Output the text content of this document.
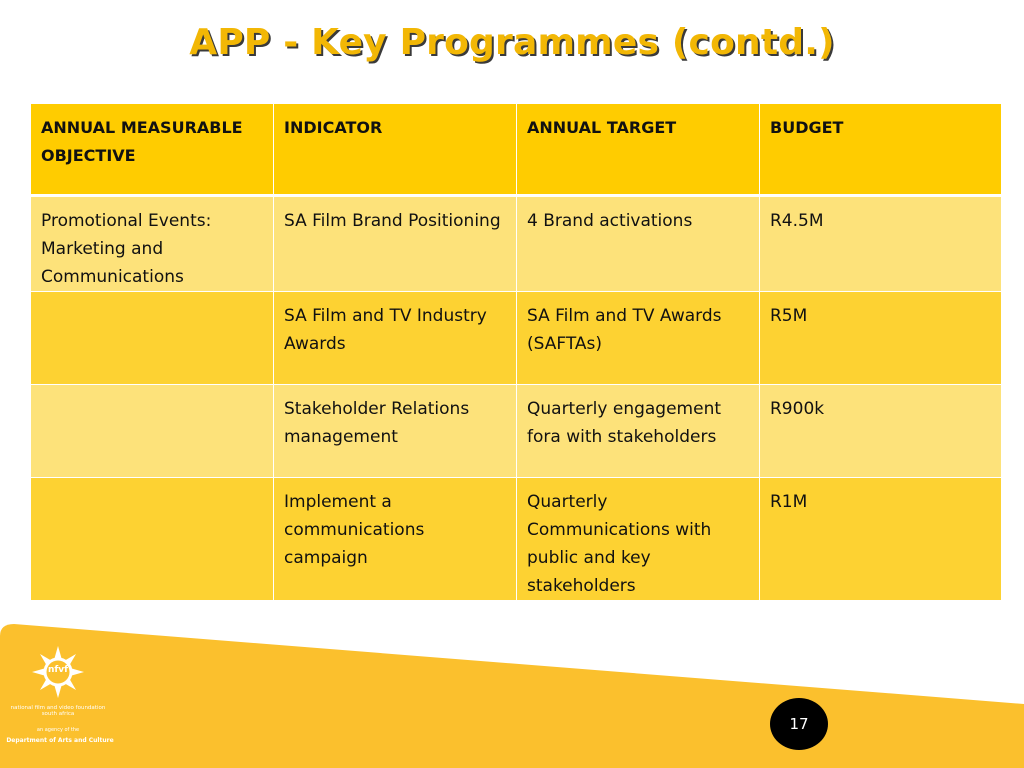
APP - Key Programmes (contd.)
ANNUAL MEASURABLE OBJECTIVE	INDICATOR	ANNUAL TARGET	BUDGET
Promotional Events: Marketing and Communications	SA Film Brand Positioning	4 Brand activations	R4.5M
	SA Film and TV Industry Awards	SA Film and TV Awards (SAFTAs)	R5M
	Stakeholder Relations management	Quarterly engagement fora with stakeholders	R900k
	Implement a communications campaign	Quarterly Communications with public and key stakeholders	R1M
nfvf
national film and video foundation
south africa
an agency of the
Department of Arts and Culture
17
